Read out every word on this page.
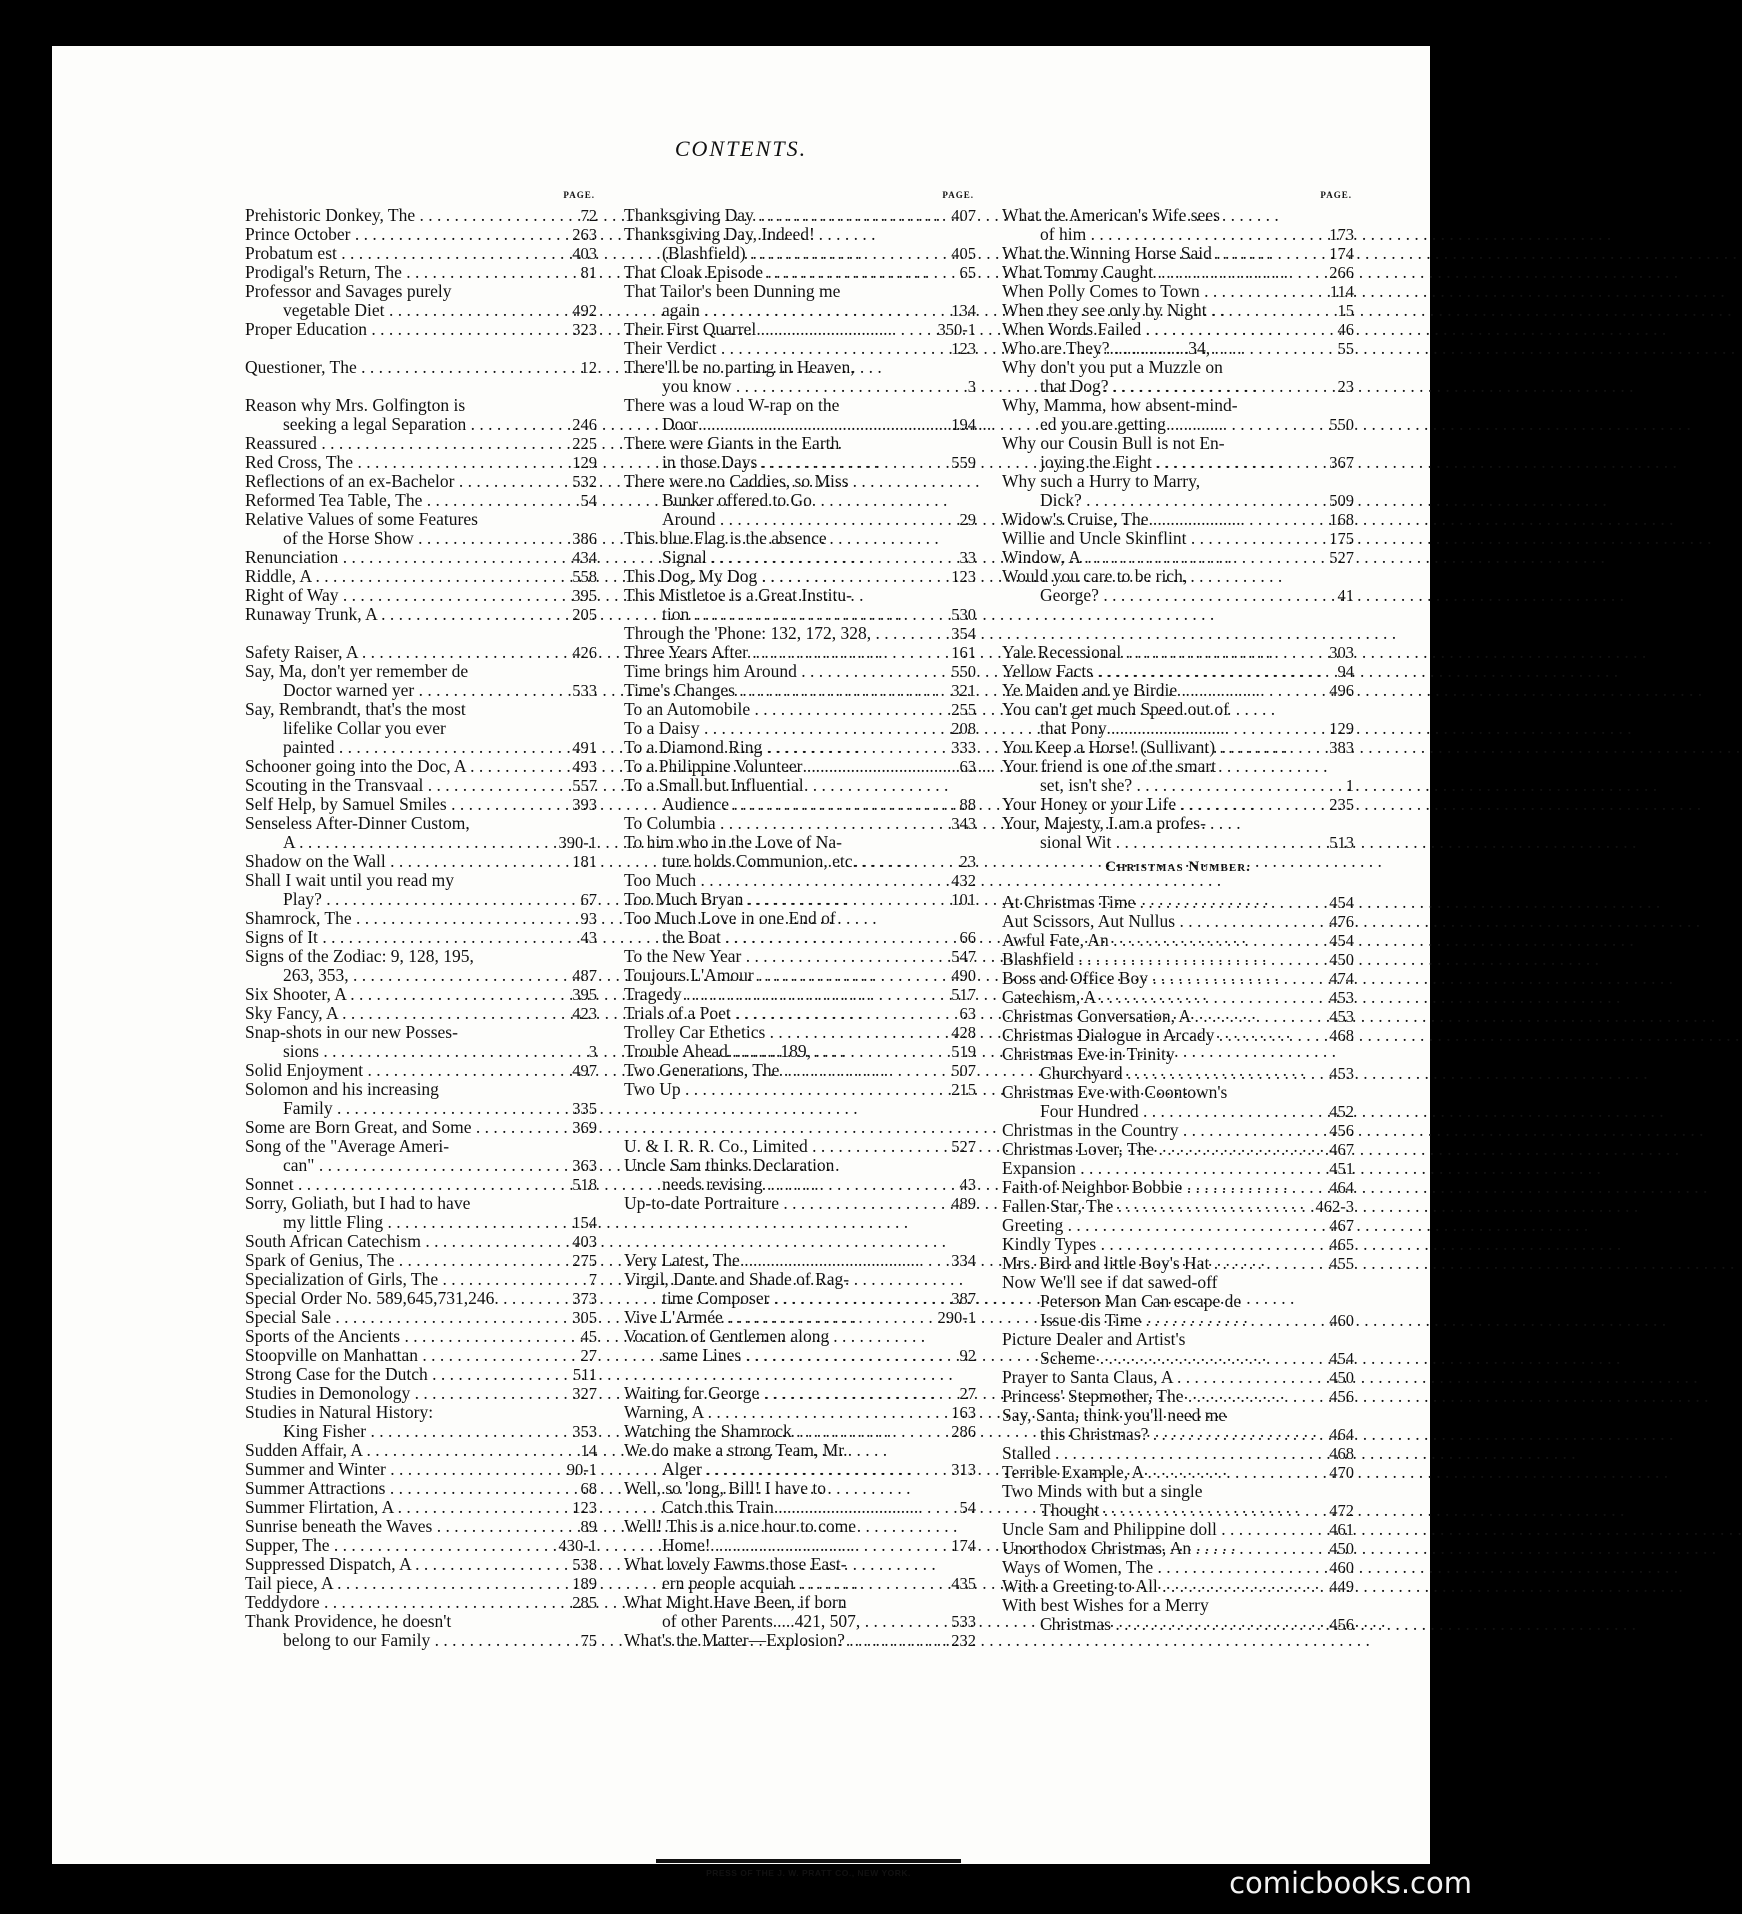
CONTENTS.
PAGE.
Prehistoric Donkey, The . . .	72
Prince October . . .	263
Probatum est . . .	403
Prodigal's Return, The . . .	81
Professor and Savages purely
vegetable Diet . . .	492
Proper Education . . .	323
Questioner, The . . .	12
Reason why Mrs. Golfington is
seeking a legal Separation . . .	246
Reassured . . .	225
Red Cross, The . . .	129
Reflections of an ex-Bachelor . . .	532
Reformed Tea Table, The . . .	54
Relative Values of some Features
of the Horse Show . . .	386
Renunciation . . .	434
Riddle, A . . .	558
Right of Way . . .	395
Runaway Trunk, A . . .	205
Safety Raiser, A . . .	426
Say, Ma, don't yer remember de
Doctor warned yer . . .	533
Say, Rembrandt, that's the most
lifelike Collar you ever
painted . . .	491
Schooner going into the Doc, A . . .	493
Scouting in the Transvaal . . .	557
Self Help, by Samuel Smiles . . .	393
Senseless After-Dinner Custom,
A . . .	390-1
Shadow on the Wall . . .	181
Shall I wait until you read my
Play? . . .	67
Shamrock, The . . .	93
Signs of It . . .	43
Signs of the Zodiac: 9, 128, 195,
263, 353, . . .	487
Six Shooter, A . . .	395
Sky Fancy, A . . .	423
Snap-shots in our new Posses-
sions . . .	3
Solid Enjoyment . . .	497
Solomon and his increasing
Family . . .	335
Some are Born Great, and Some . . .	369
Song of the "Average Ameri-
can" . . .	363
Sonnet . . .	518
Sorry, Goliath, but I had to have
my little Fling . . .	154
South African Catechism . . .	403
Spark of Genius, The . . .	275
Specialization of Girls, The . . .	7
Special Order No. 589,645,731,246. . . .	373
Special Sale . . .	305
Sports of the Ancients . . .	45
Stoopville on Manhattan . . .	27
Strong Case for the Dutch . . .	511
Studies in Demonology . . .	327
Studies in Natural History:
King Fisher . . .	353
Sudden Affair, A . . .	14
Summer and Winter . . .	90-1
Summer Attractions . . .	68
Summer Flirtation, A . . .	123
Sunrise beneath the Waves . . .	89
Supper, The . . .	430-1
Suppressed Dispatch, A . . .	538
Tail piece, A . . .	189
Teddydore . . .	285
Thank Providence, he doesn't
belong to our Family . . .	75
PAGE.
Thanksgiving Day . . .	407
Thanksgiving Day, Indeed!
(Blashfield) . . .	405
That Cloak Episode . . .	65
That Tailor's been Dunning me
again . . .	134
Their First Quarrel . . .	350-1
Their Verdict . . .	123
There'll be no parting in Heaven,
you know . . .	3
There was a loud W-rap on the
Door . . .	194
There were Giants in the Earth
in those Days . . .	559
There were no Caddies, so Miss
Bunker offered to Go
Around . . .	29
This blue Flag is the absence
Signal . . .	33
This Dog, My Dog . . .	123
This Mistletoe is a Great Institu-
tion . . .	530
Through the 'Phone: 132, 172, 328, . . .	354
Three Years After . . .	161
Time brings him Around . . .	550
Time's Changes . . .	321
To an Automobile . . .	255
To a Daisy . . .	208
To a Diamond Ring . . .	333
To a Philippine Volunteer . . .	63
To a Small but Influential
Audience . . .	88
To Columbia . . .	343
To him who in the Love of Na-
ture holds Communion, etc. . . .	23
Too Much . . .	432
Too Much Bryan . . .	101
Too Much Love in one End of
the Boat . . .	66
To the New Year . . .	547
Toujours L'Amour . . .	490
Tragedy . . .	517
Trials of a Poet . . .	63
Trolley Car Ethetics . . .	428
Trouble Ahead............189, . . .	519
Two Generations, The . . .	507
Two Up . . .	215
U. & I. R. R. Co., Limited . . .	527
Uncle Sam thinks Declaration
needs revising . . .	43
Up-to-date Portraiture . . .	489
Very Latest, The . . .	334
Virgil, Dante and Shade of Rag-
time Composer . . .	387
Vive L'Armée . . .	290-1
Vocation of Gentlemen along
same Lines . . .	92
Waiting for George . . .	27
Warning, A . . .	163
Watching the Shamrock . . .	286
We do make a strong Team, Mr.
Alger . . .	313
Well, so 'long, Bill! I have to
Catch this Train . . .	54
Well! This is a nice hour to come
Home! . . .	174
What lovely Fawms those East-
ern people acquiah . . .	435
What Might Have Been, if born
of other Parents.....421, 507, . . .	533
What's the Matter—Explosion? . . .	232
PAGE.
What the American's Wife sees
of him . . .	173
What the Winning Horse Said . . .	174
What Tommy Caught . . .	266
When Polly Comes to Town . . .	114
When they see only by Night . . .	15
When Words Failed . . .	46
Who are They?..................34, . . .	55
Why don't you put a Muzzle on
that Dog? . . .	23
Why, Mamma, how absent-mind-
ed you are getting . . .	550
Why our Cousin Bull is not En-
joying the Fight . . .	367
Why such a Hurry to Marry,
Dick? . . .	509
Widow's Cruise, The . . .	168
Willie and Uncle Skinflint . . .	175
Window, A . . .	527
Would you care to be rich,
George? . . .	41
Yale Recessional . . .	303
Yellow Facts . . .	94
Ye Maiden and ye Birdie . . .	496
You can't get much Speed out of
that Pony . . .	129
You Keep a Horse! (Sullivant) . . .	383
Your friend is one of the smart
set, isn't she? . . .	1
Your Honey or your Life . . .	235
Your, Majesty, I am a profes-
sional Wit . . .	513
Christmas Number.
At Christmas Time . . .	454
Aut Scissors, Aut Nullus . . .	476
Awful Fate, An . . .	454
Blashfield . . .	450
Boss and Office Boy . . .	474
Catechism, A . . .	453
Christmas Conversation, A . . .	453
Christmas Dialogue in Arcady . . .	468
Christmas Eve in Trinity
Churchyard . . .	453
Christmas Eve with Coontown's
Four Hundred . . .	452
Christmas in the Country . . .	456
Christmas Lover, The . . .	467
Expansion . . .	451
Faith of Neighbor Bobbie . . .	464
Fallen Star, The . . .	462-3
Greeting . . .	467
Kindly Types . . .	465
Mrs. Bird and little Boy's Hat . . .	455
Now We'll see if dat sawed-off
Peterson Man Can escape de
Issue dis Time . . .	460
Picture Dealer and Artist's
Scheme . . .	454
Prayer to Santa Claus, A . . .	450
Princess' Stepmother, The . . .	456
Say, Santa, think you'll need me
this Christmas? . . .	464
Stalled . . .	468
Terrible Example, A . . .	470
Two Minds with but a single
Thought . . .	472
Uncle Sam and Philippine doll . . .	461
Unorthodox Christmas, An . . .	450
Ways of Women, The . . .	460
With a Greeting to All . . .	449
With best Wishes for a Merry
Christmas . . .	456
PRESS OF THE J. W. PRATT CO., NEW YORK.	comicbooks.com
